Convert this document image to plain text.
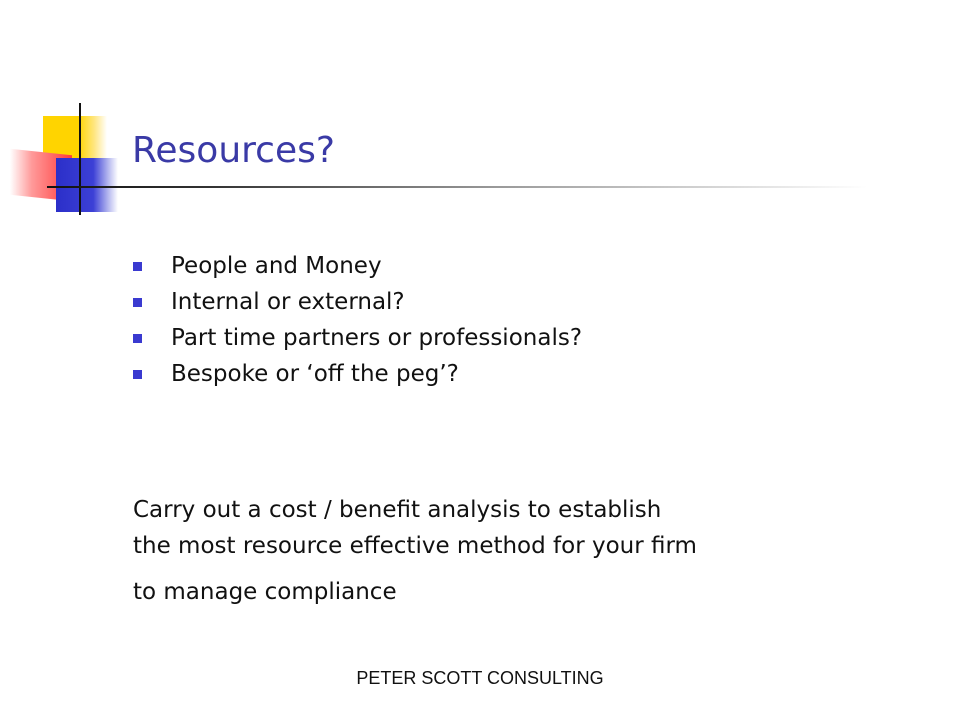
Resources?
People and Money
Internal or external?
Part time partners or professionals?
Bespoke or ‘off the peg’?
Carry out a cost / benefit analysis to establish
the most resource effective method for your firm
to manage compliance
PETER SCOTT CONSULTING
